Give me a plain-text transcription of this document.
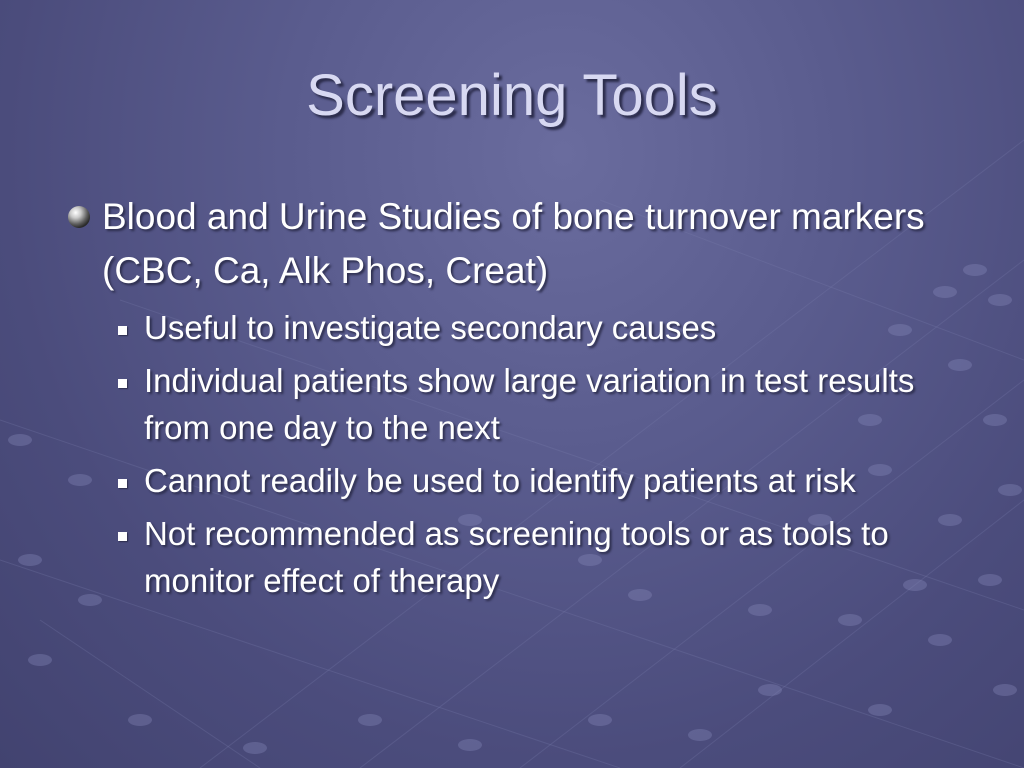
Screening Tools
Blood and Urine Studies of bone turnover markers (CBC, Ca, Alk Phos, Creat)
Useful to investigate secondary causes
Individual patients show large variation in test results from one day to the next
Cannot readily be used to identify patients at risk
Not recommended as screening tools or as tools to monitor effect of therapy
